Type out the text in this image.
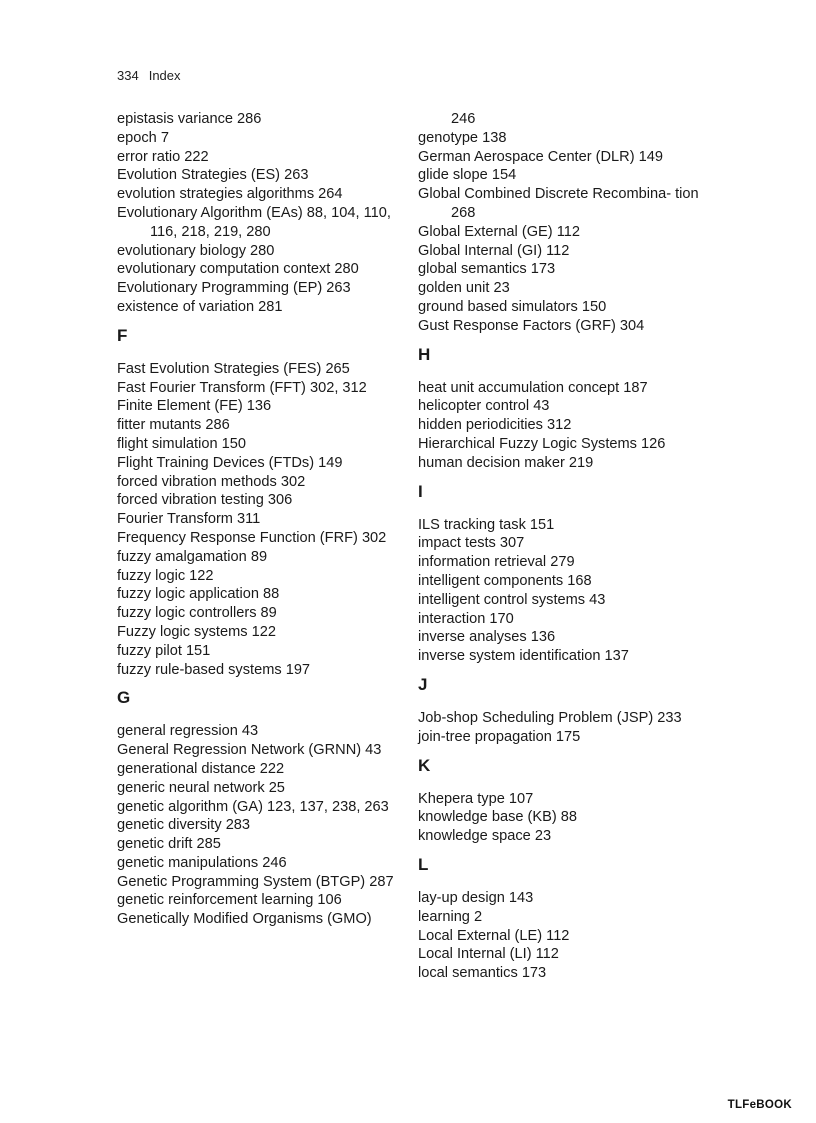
334 Index
epistasis variance 286
epoch 7
error ratio 222
Evolution Strategies (ES) 263
evolution strategies algorithms 264
Evolutionary Algorithm (EAs) 88, 104, 110, 116, 218, 219, 280
evolutionary biology 280
evolutionary computation context 280
Evolutionary Programming (EP) 263
existence of variation 281
F
Fast Evolution Strategies (FES) 265
Fast Fourier Transform (FFT) 302, 312
Finite Element (FE) 136
fitter mutants 286
flight simulation 150
Flight Training Devices (FTDs) 149
forced vibration methods 302
forced vibration testing 306
Fourier Transform 311
Frequency Response Function (FRF) 302
fuzzy amalgamation 89
fuzzy logic 122
fuzzy logic application 88
fuzzy logic controllers 89
Fuzzy logic systems 122
fuzzy pilot 151
fuzzy rule-based systems 197
G
general regression 43
General Regression Network (GRNN) 43
generational distance 222
generic neural network 25
genetic algorithm (GA) 123, 137, 238, 263
genetic diversity 283
genetic drift 285
genetic manipulations 246
Genetic Programming System (BTGP) 287
genetic reinforcement learning 106
Genetically Modified Organisms (GMO)
246
genotype 138
German Aerospace Center (DLR) 149
glide slope 154
Global Combined Discrete Recombina- tion 268
Global External (GE) 112
Global Internal (GI) 112
global semantics 173
golden unit 23
ground based simulators 150
Gust Response Factors (GRF) 304
H
heat unit accumulation concept 187
helicopter control 43
hidden periodicities 312
Hierarchical Fuzzy Logic Systems 126
human decision maker 219
I
ILS tracking task 151
impact tests 307
information retrieval 279
intelligent components 168
intelligent control systems 43
interaction 170
inverse analyses 136
inverse system identification 137
J
Job-shop Scheduling Problem (JSP) 233
join-tree propagation 175
K
Khepera type 107
knowledge base (KB) 88
knowledge space 23
L
lay-up design 143
learning 2
Local External (LE) 112
Local Internal (LI) 112
local semantics 173
TLFeBOOK
